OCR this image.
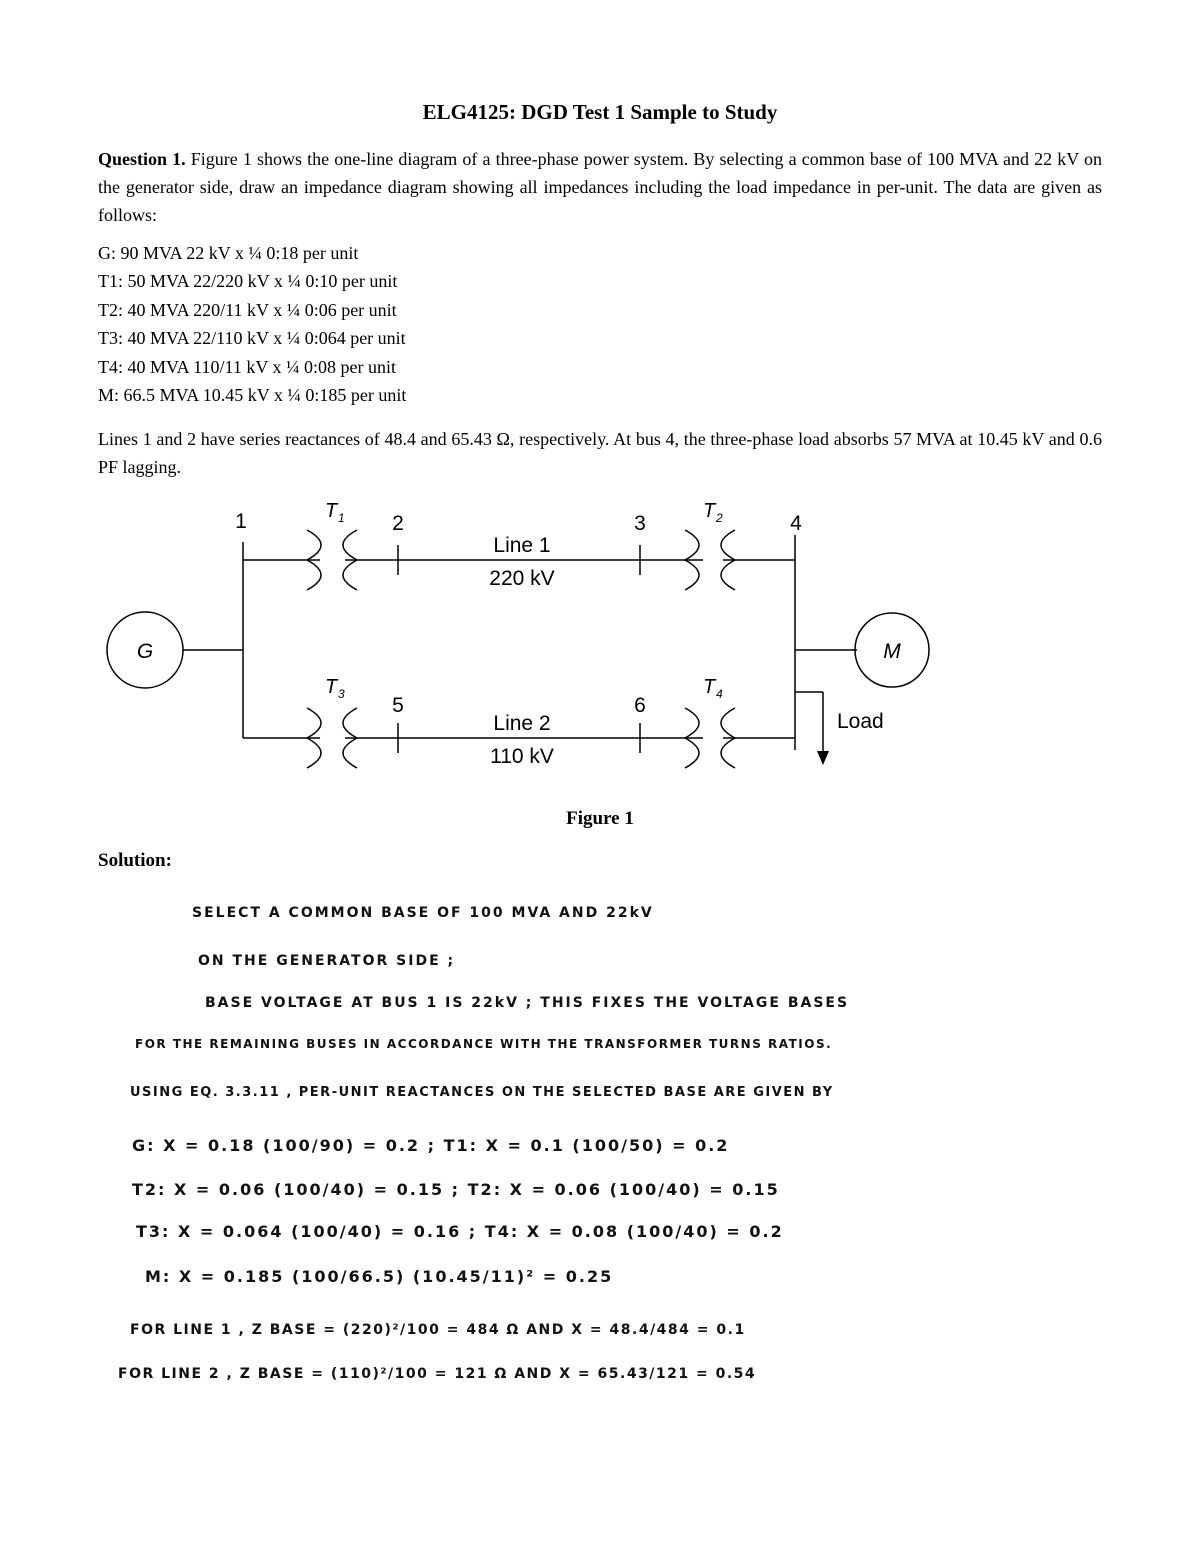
ELG4125: DGD Test 1 Sample to Study
Question 1. Figure 1 shows the one-line diagram of a three-phase power system. By selecting a common base of 100 MVA and 22 kV on the generator side, draw an impedance diagram showing all impedances including the load impedance in per-unit. The data are given as follows:
G: 90 MVA 22 kV x ¼ 0:18 per unit
T1: 50 MVA 22/220 kV x ¼ 0:10 per unit
T2: 40 MVA 220/11 kV x ¼ 0:06 per unit
T3: 40 MVA 22/110 kV x ¼ 0:064 per unit
T4: 40 MVA 110/11 kV x ¼ 0:08 per unit
M: 66.5 MVA 10.45 kV x ¼ 0:185 per unit
Lines 1 and 2 have series reactances of 48.4 and 65.43 Ω, respectively. At bus 4, the three-phase load absorbs 57 MVA at 10.45 kV and 0.6 PF lagging.
G	M
Load
1	2	3	4
5	6
Line 1
220 kV
Line 2
110 kV
T 1	T 2
T 3	T 4
Figure 1
Solution:
SELECT A COMMON BASE OF 100 MVA AND 22kV
ON THE GENERATOR SIDE ;
BASE VOLTAGE AT BUS 1 IS 22kV ; THIS FIXES THE VOLTAGE BASES
FOR THE REMAINING BUSES IN ACCORDANCE WITH THE TRANSFORMER TURNS RATIOS.
USING EQ. 3.3.11 , PER-UNIT REACTANCES ON THE SELECTED BASE ARE GIVEN BY
G: X = 0.18 (100/90) = 0.2 ; T1: X = 0.1 (100/50) = 0.2
T2: X = 0.06 (100/40) = 0.15 ; T2: X = 0.06 (100/40) = 0.15
T3: X = 0.064 (100/40) = 0.16 ; T4: X = 0.08 (100/40) = 0.2
M: X = 0.185 (100/66.5) (10.45/11)² = 0.25
FOR LINE 1 , Z BASE = (220)²/100 = 484 Ω AND X = 48.4/484 = 0.1
FOR LINE 2 , Z BASE = (110)²/100 = 121 Ω AND X = 65.43/121 = 0.54
